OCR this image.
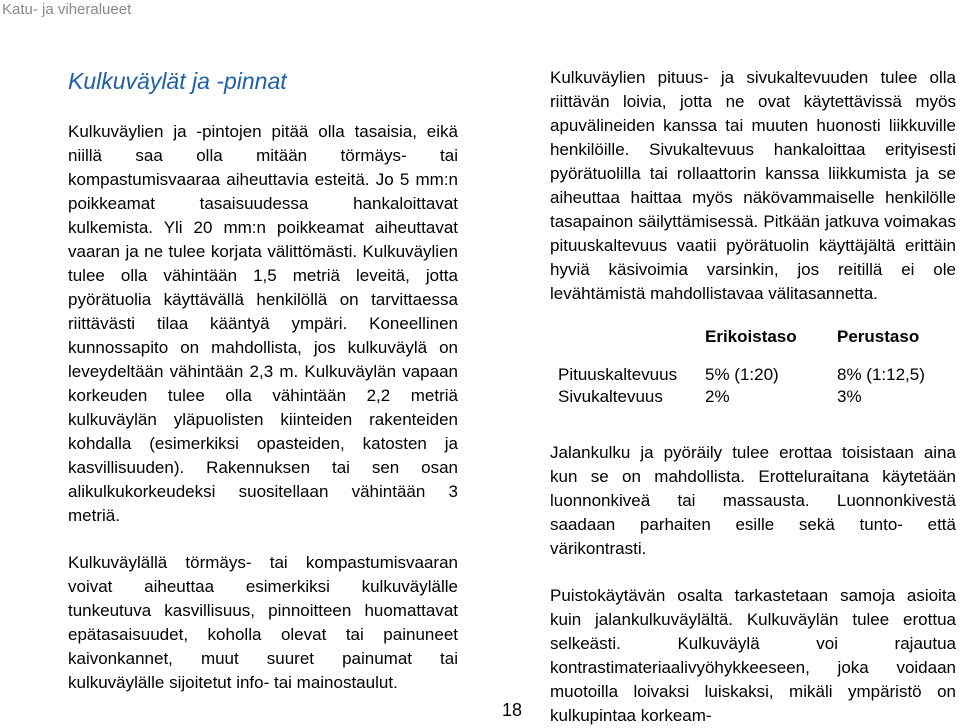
Katu- ja viheralueet
Kulkuväylät ja -pinnat

Kulkuväylien ja -pintojen pitää olla tasaisia, eikä niillä saa olla mitään törmäys- tai kompastumisvaaraa aiheuttavia esteitä. Jo 5 mm:n poikkeamat tasaisuudessa hankaloittavat kulkemista. Yli 20 mm:n poikkeamat aiheuttavat vaaran ja ne tulee korjata välittömästi. Kulkuväylien tulee olla vähintään 1,5 metriä leveitä, jotta pyörätuolia käyttävällä henkilöllä on tarvittaessa riittävästi tilaa kääntyä ympäri. Koneellinen kunnossapito on mahdollista, jos kulkuväylä on leveydeltään vähintään 2,3 m. Kulkuväylän vapaan korkeuden tulee olla vähintään 2,2 metriä kulkuväylän yläpuolisten kiinteiden rakenteiden kohdalla (esimerkiksi opasteiden, katosten ja kasvillisuuden). Rakennuksen tai sen osan alikulkukorkeudeksi suositellaan vähintään 3 metriä.

Kulkuväylällä törmäys- tai kompastumisvaaran voivat aiheuttaa esimerkiksi kulkuväylälle tunkeutuva kasvillisuus, pinnoitteen huomattavat epätasaisuudet, koholla olevat tai painuneet kaivonkannet, muut suuret painumat tai kulkuväylälle sijoitetut info- tai mainostaulut.

Kulkuväylien pituus- ja sivukaltevuuden tulee olla riittävän loivia, jotta ne ovat käytettävissä myös apuvälineiden kanssa tai muuten huonosti liikkuville henkilöille. Sivukaltevuus hankaloittaa erityisesti pyörätuolilla tai rollaattorin kanssa liikkumista ja se aiheuttaa haittaa myös näkövammaiselle henkilölle tasapainon säilyttämisessä. Pitkään jatkuva voimakas pituuskaltevuus vaatii pyörätuolin käyttäjältä erittäin hyviä käsivoimia varsinkin, jos reitillä ei ole levähtämistä mahdollistavaa välitasannetta.

Erikoistaso Perustaso
Pituuskaltevuus 5% (1:20)	8% (1:12,5)
Sivukaltevuus 2%	3%

Jalankulku ja pyöräily tulee erottaa toisistaan aina kun se on mahdollista. Erotteluraitana käytetään luonnonkiveä tai massausta. Luonnonkivestä saadaan parhaiten esille sekä tunto- että värikontrasti.

Puistokäytävän osalta tarkastetaan samoja asioita kuin jalankulkuväylältä. Kulkuväylän tulee erottua selkeästi. Kulkuväylä voi rajautua kontrastimateriaalivyöhykkeeseen, joka voidaan muotoilla loivaksi luiskaksi, mikäli ympäristö on kulkupintaa korkeam-

18
